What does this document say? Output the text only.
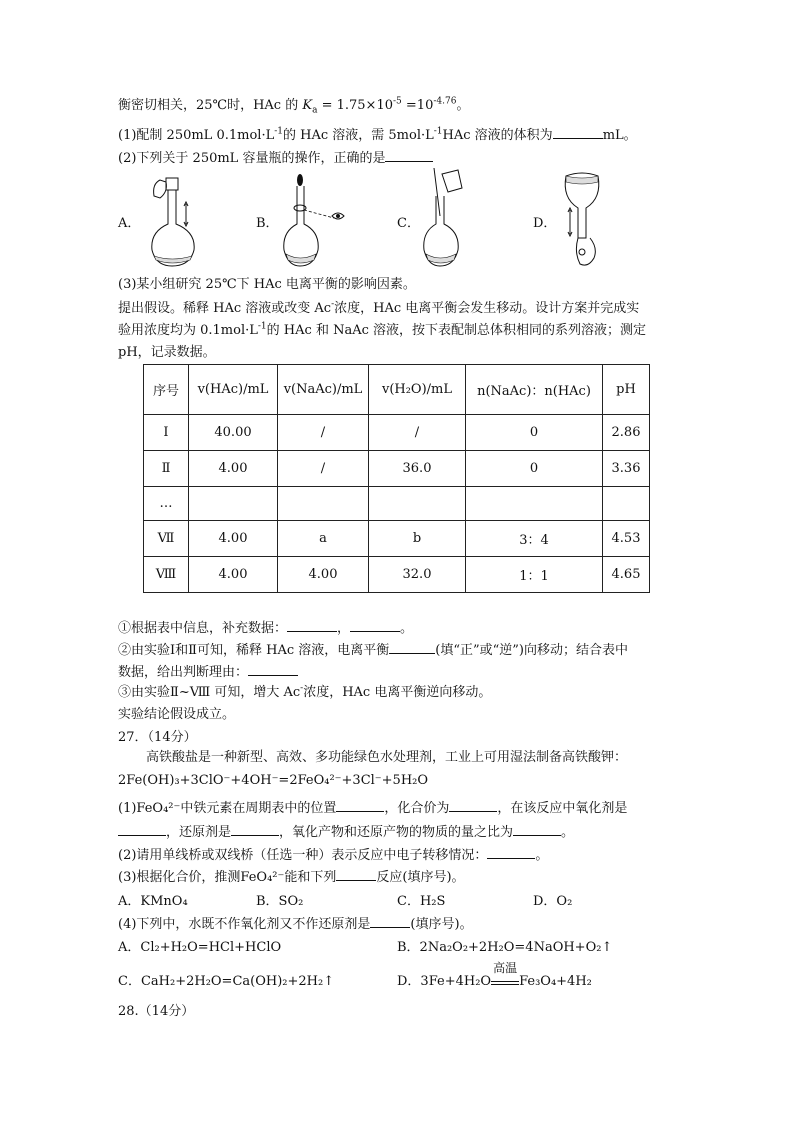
衡密切相关，25℃时，HAc 的 $K_a = 1.75\times 10^{-5} =10^{-4.76}$。
(1)配制 250mL $0.1mol\cdot L^{-1}$的 HAc 溶液，需 $5mol\cdot L^{-1}HAc$ 溶液的体积为	mL。
(2)下列关于 250mL 容量瓶的操作，正确的是
A．	B．	C．	D．
(3)某小组研究 25℃下 HAc 电离平衡的影响因素。
提出假设。稀释 HAc 溶液或改变 Ac-浓度，HAc 电离平衡会发生移动。设计方案并完成实
验用浓度均为 $0.1mol\cdot L^{-1}$的 HAc 和 NaAc 溶液，按下表配制总体积相同的系列溶液；测定
pH，记录数据。
序号	v(HAc)/mL	v(NaAc)/mL	v(H₂O)/mL	n(NaAc)：n(HAc)	pH
Ⅰ	40.00	/	/	0	2.86
Ⅱ	4.00	/	36.0	0	3.36
…					
Ⅶ	4.00	a	b	3：4	4.53
Ⅷ	4.00	4.00	32.0	1：1	4.65
①根据表中信息，补充数据：	，	。
②由实验Ⅰ和Ⅱ可知，稀释 HAc 溶液，电离平衡	(填“正”或“逆”)向移动；结合表中
数据，给出判断理由：
③由实验Ⅱ~Ⅷ 可知，增大 Ac-浓度，HAc 电离平衡逆向移动。
实验结论假设成立。
27．（14分）
高铁酸盐是一种新型、高效、多功能绿色水处理剂，工业上可用湿法制备高铁酸钾：
2Fe(OH)₃+3ClO⁻+4OH⁻=2FeO₄²⁻+3Cl⁻+5H₂O
(1)FeO₄²⁻中铁元素在周期表中的位置	，化合价为	，在该反应中氧化剂是
，还原剂是	，氧化产物和还原产物的物质的量之比为	。
(2)请用单线桥或双线桥（任选一种）表示反应中电子转移情况：	。
(3)根据化合价，推测FeO₄²⁻能和下列	反应(填序号)。
A．KMnO₄	B．SO₂	C．H₂S	D．O₂
(4)下列中，水既不作氧化剂又不作还原剂是	(填序号)。
A．Cl₂+H₂O=HCl+HClO	B．2Na₂O₂+2H₂O=4NaOH+O₂↑
C．CaH₂+2H₂O=Ca(OH)₂+2H₂↑	D．3Fe+4H₂O
高温
Fe₃O₄+4H₂
28.（14分）
